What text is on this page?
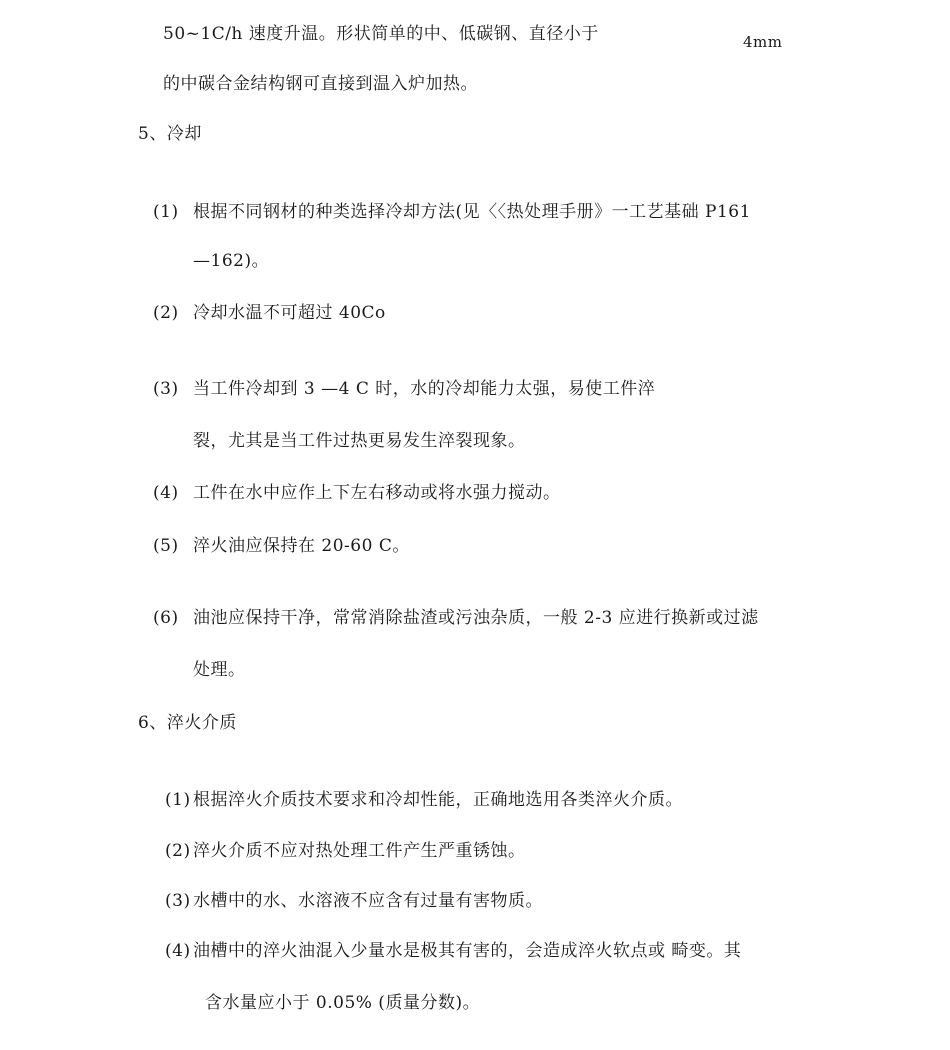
50~1C/h 速度升温。形状简单的中、低碳钢、直径小于	4mm
的中碳合金结构钢可直接到温入炉加热。
5、冷却
(1) 根据不同钢材的种类选择冷却方法(见〈〈热处理手册》一工艺基础 P161
—162)。
(2) 冷却水温不可超过 40Co
(3) 当工件冷却到 3 —4 C 时，水的冷却能力太强，易使工件淬
裂，尤其是当工件过热更易发生淬裂现象。
(4) 工件在水中应作上下左右移动或将水强力搅动。
(5) 淬火油应保持在 20-60 C。
(6) 油池应保持干净，常常消除盐渣或污浊杂质，一般 2-3 应进行换新或过滤
处理。
6、淬火介质
(1) 根据淬火介质技术要求和冷却性能，正确地选用各类淬火介质。
(2) 淬火介质不应对热处理工件产生严重锈蚀。
(3) 水槽中的水、水溶液不应含有过量有害物质。
(4) 油槽中的淬火油混入少量水是极其有害的，会造成淬火软点或 畸变。其
含水量应小于 0.05% (质量分数)。
